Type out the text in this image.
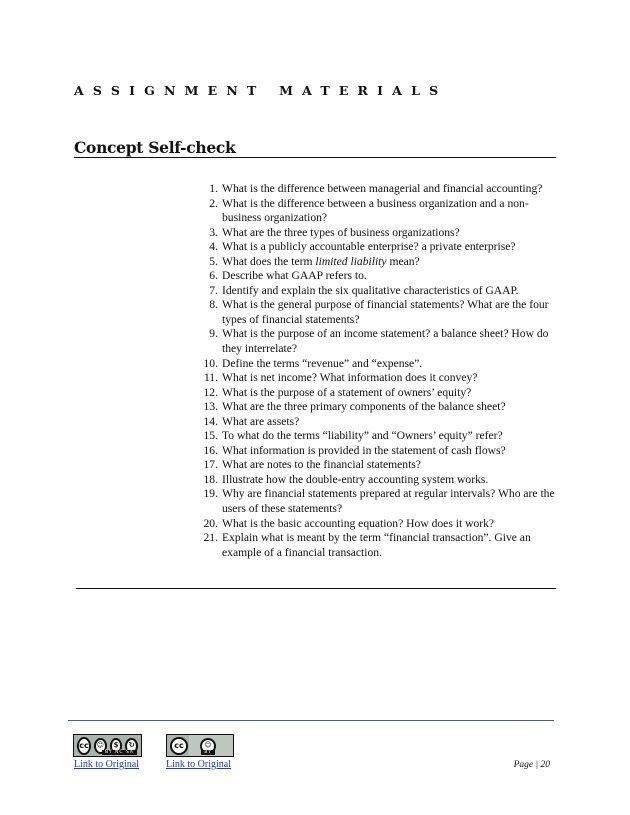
ASSIGNMENT MATERIALS
Concept Self-check
1. What is the difference between managerial and financial accounting?
2. What is the difference between a business organization and a non-business organization?
3. What are the three types of business organizations?
4. What is a publicly accountable enterprise? a private enterprise?
5. What does the term limited liability mean?
6. Describe what GAAP refers to.
7. Identify and explain the six qualitative characteristics of GAAP.
8. What is the general purpose of financial statements? What are the four types of financial statements?
9. What is the purpose of an income statement? a balance sheet? How do they interrelate?
10. Define the terms “revenue” and “expense”.
11. What is net income? What information does it convey?
12. What is the purpose of a statement of owners’ equity?
13. What are the three primary components of the balance sheet?
14. What are assets?
15. To what do the terms “liability” and “Owners’ equity” refer?
16. What information is provided in the statement of cash flows?
17. What are notes to the financial statements?
18. Illustrate how the double-entry accounting system works.
19. Why are financial statements prepared at regular intervals? Who are the users of these statements?
20. What is the basic accounting equation? How does it work?
21. Explain what is meant by the term “financial transaction”. Give an example of a financial transaction.
cc	☺	$	↻
BY NC SA
cc	☺
BY
Link to Original	Link to Original	Page | 20
